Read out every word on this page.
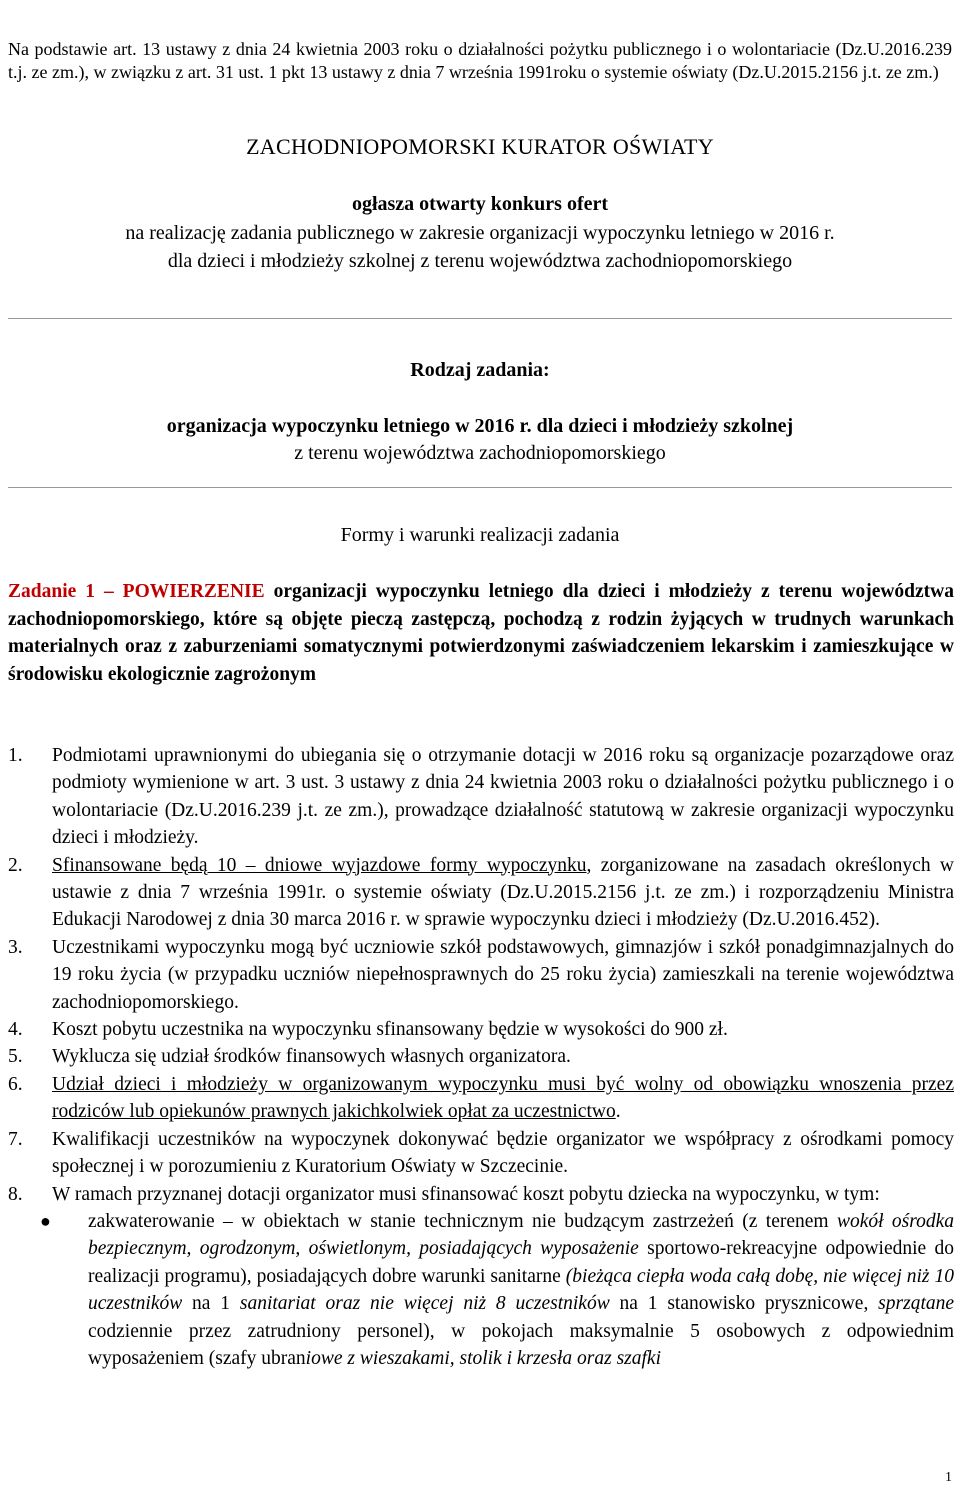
Na podstawie art. 13 ustawy z dnia 24 kwietnia 2003 roku o działalności pożytku publicznego i o wolontariacie (Dz.U.2016.239 t.j. ze zm.), w związku z art. 31 ust. 1 pkt 13 ustawy z dnia 7 września 1991roku o systemie oświaty (Dz.U.2015.2156 j.t. ze zm.)
ZACHODNIOPOMORSKI KURATOR OŚWIATY
ogłasza otwarty konkurs ofert
na realizację zadania publicznego w zakresie organizacji wypoczynku letniego w 2016 r.
dla dzieci i młodzieży szkolnej z terenu województwa zachodniopomorskiego
Rodzaj zadania:
organizacja wypoczynku letniego w 2016 r. dla dzieci i młodzieży szkolnej
z terenu województwa zachodniopomorskiego
Formy i warunki realizacji zadania
Zadanie 1 – POWIERZENIE organizacji wypoczynku letniego dla dzieci i młodzieży z terenu województwa zachodniopomorskiego, które są objęte pieczą zastępczą, pochodzą z rodzin żyjących w trudnych warunkach materialnych oraz z zaburzeniami somatycznymi potwierdzonymi zaświadczeniem lekarskim i zamieszkujące w środowisku ekologicznie zagrożonym
1. Podmiotami uprawnionymi do ubiegania się o otrzymanie dotacji w 2016 roku są organizacje pozarządowe oraz podmioty wymienione w art. 3 ust. 3 ustawy z dnia 24 kwietnia 2003 roku o działalności pożytku publicznego i o wolontariacie (Dz.U.2016.239 j.t. ze zm.), prowadzące działalność statutową w zakresie organizacji wypoczynku dzieci i młodzieży.
2. Sfinansowane będą 10 – dniowe wyjazdowe formy wypoczynku, zorganizowane na zasadach określonych w ustawie z dnia 7 września 1991r. o systemie oświaty (Dz.U.2015.2156 j.t. ze zm.) i rozporządzeniu Ministra Edukacji Narodowej z dnia 30 marca 2016 r. w sprawie wypoczynku dzieci i młodzieży (Dz.U.2016.452).
3. Uczestnikami wypoczynku mogą być uczniowie szkół podstawowych, gimnazjów i szkół ponadgimnazjalnych do 19 roku życia (w przypadku uczniów niepełnosprawnych do 25 roku życia) zamieszkali na terenie województwa zachodniopomorskiego.
4. Koszt pobytu uczestnika na wypoczynku sfinansowany będzie w wysokości do 900 zł.
5. Wyklucza się udział środków finansowych własnych organizatora.
6. Udział dzieci i młodzieży w organizowanym wypoczynku musi być wolny od obowiązku wnoszenia przez rodziców lub opiekunów prawnych jakichkolwiek opłat za uczestnictwo.
7. Kwalifikacji uczestników na wypoczynek dokonywać będzie organizator we współpracy z ośrodkami pomocy społecznej i w porozumieniu z Kuratorium Oświaty w Szczecinie.
8. W ramach przyznanej dotacji organizator musi sfinansować koszt pobytu dziecka na wypoczynku, w tym:
● zakwaterowanie – w obiektach w stanie technicznym nie budzącym zastrzeżeń (z terenem wokół ośrodka bezpiecznym, ogrodzonym, oświetlonym, posiadających wyposażenie sportowo-rekreacyjne odpowiednie do realizacji programu), posiadających dobre warunki sanitarne (bieżąca ciepła woda całą dobę, nie więcej niż 10 uczestników na 1 sanitariat oraz nie więcej niż 8 uczestników na 1 stanowisko prysznicowe, sprzątane codziennie przez zatrudniony personel), w pokojach maksymalnie 5 osobowych z odpowiednim wyposażeniem (szafy ubraniowe z wieszakami, stolik i krzesła oraz szafki
1
